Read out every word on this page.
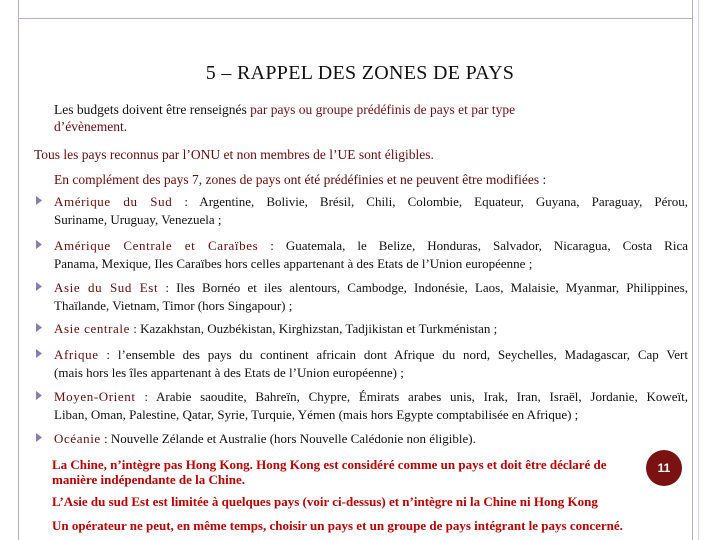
5 – RAPPEL DES ZONES DE PAYS
Les budgets doivent être renseignés par pays ou groupe prédéfinis de pays et par type
d’évènement.
Tous les pays reconnus par l’ONU et non membres de l’UE sont éligibles.
En complément des pays 7, zones de pays ont été prédéfinies et ne peuvent être modifiées :
Amérique du Sud : Argentine, Bolivie, Brésil, Chili, Colombie, Equateur, Guyana, Paraguay, Pérou,
Suriname, Uruguay, Venezuela ;
Amérique Centrale et Caraïbes : Guatemala, le Belize, Honduras, Salvador, Nicaragua, Costa Rica
Panama, Mexique, Iles Caraïbes hors celles appartenant à des Etats de l’Union européenne ;
Asie du Sud Est : Iles Bornéo et iles alentours, Cambodge, Indonésie, Laos, Malaisie, Myanmar, Philippines,
Thaïlande, Vietnam, Timor (hors Singapour) ;
Asie centrale : Kazakhstan, Ouzbékistan, Kirghizstan, Tadjikistan et Turkménistan ;
Afrique : l’ensemble des pays du continent africain dont Afrique du nord, Seychelles, Madagascar, Cap Vert
(mais hors les îles appartenant à des Etats de l’Union européenne) ;
Moyen-Orient : Arabie saoudite, Bahreïn, Chypre, Émirats arabes unis, Irak, Iran, Israël, Jordanie, Koweït,
Liban, Oman, Palestine, Qatar, Syrie, Turquie, Yémen (mais hors Egypte comptabilisée en Afrique) ;
Océanie : Nouvelle Zélande et Australie (hors Nouvelle Calédonie non éligible).
La Chine, n’intègre pas Hong Kong. Hong Kong est considéré comme un pays et doit être déclaré de
manière indépendante de la Chine.
L’Asie du sud Est est limitée à quelques pays (voir ci-dessus) et n’intègre ni la Chine ni Hong Kong
Un opérateur ne peut, en même temps, choisir un pays et un groupe de pays intégrant le pays concerné.
11
